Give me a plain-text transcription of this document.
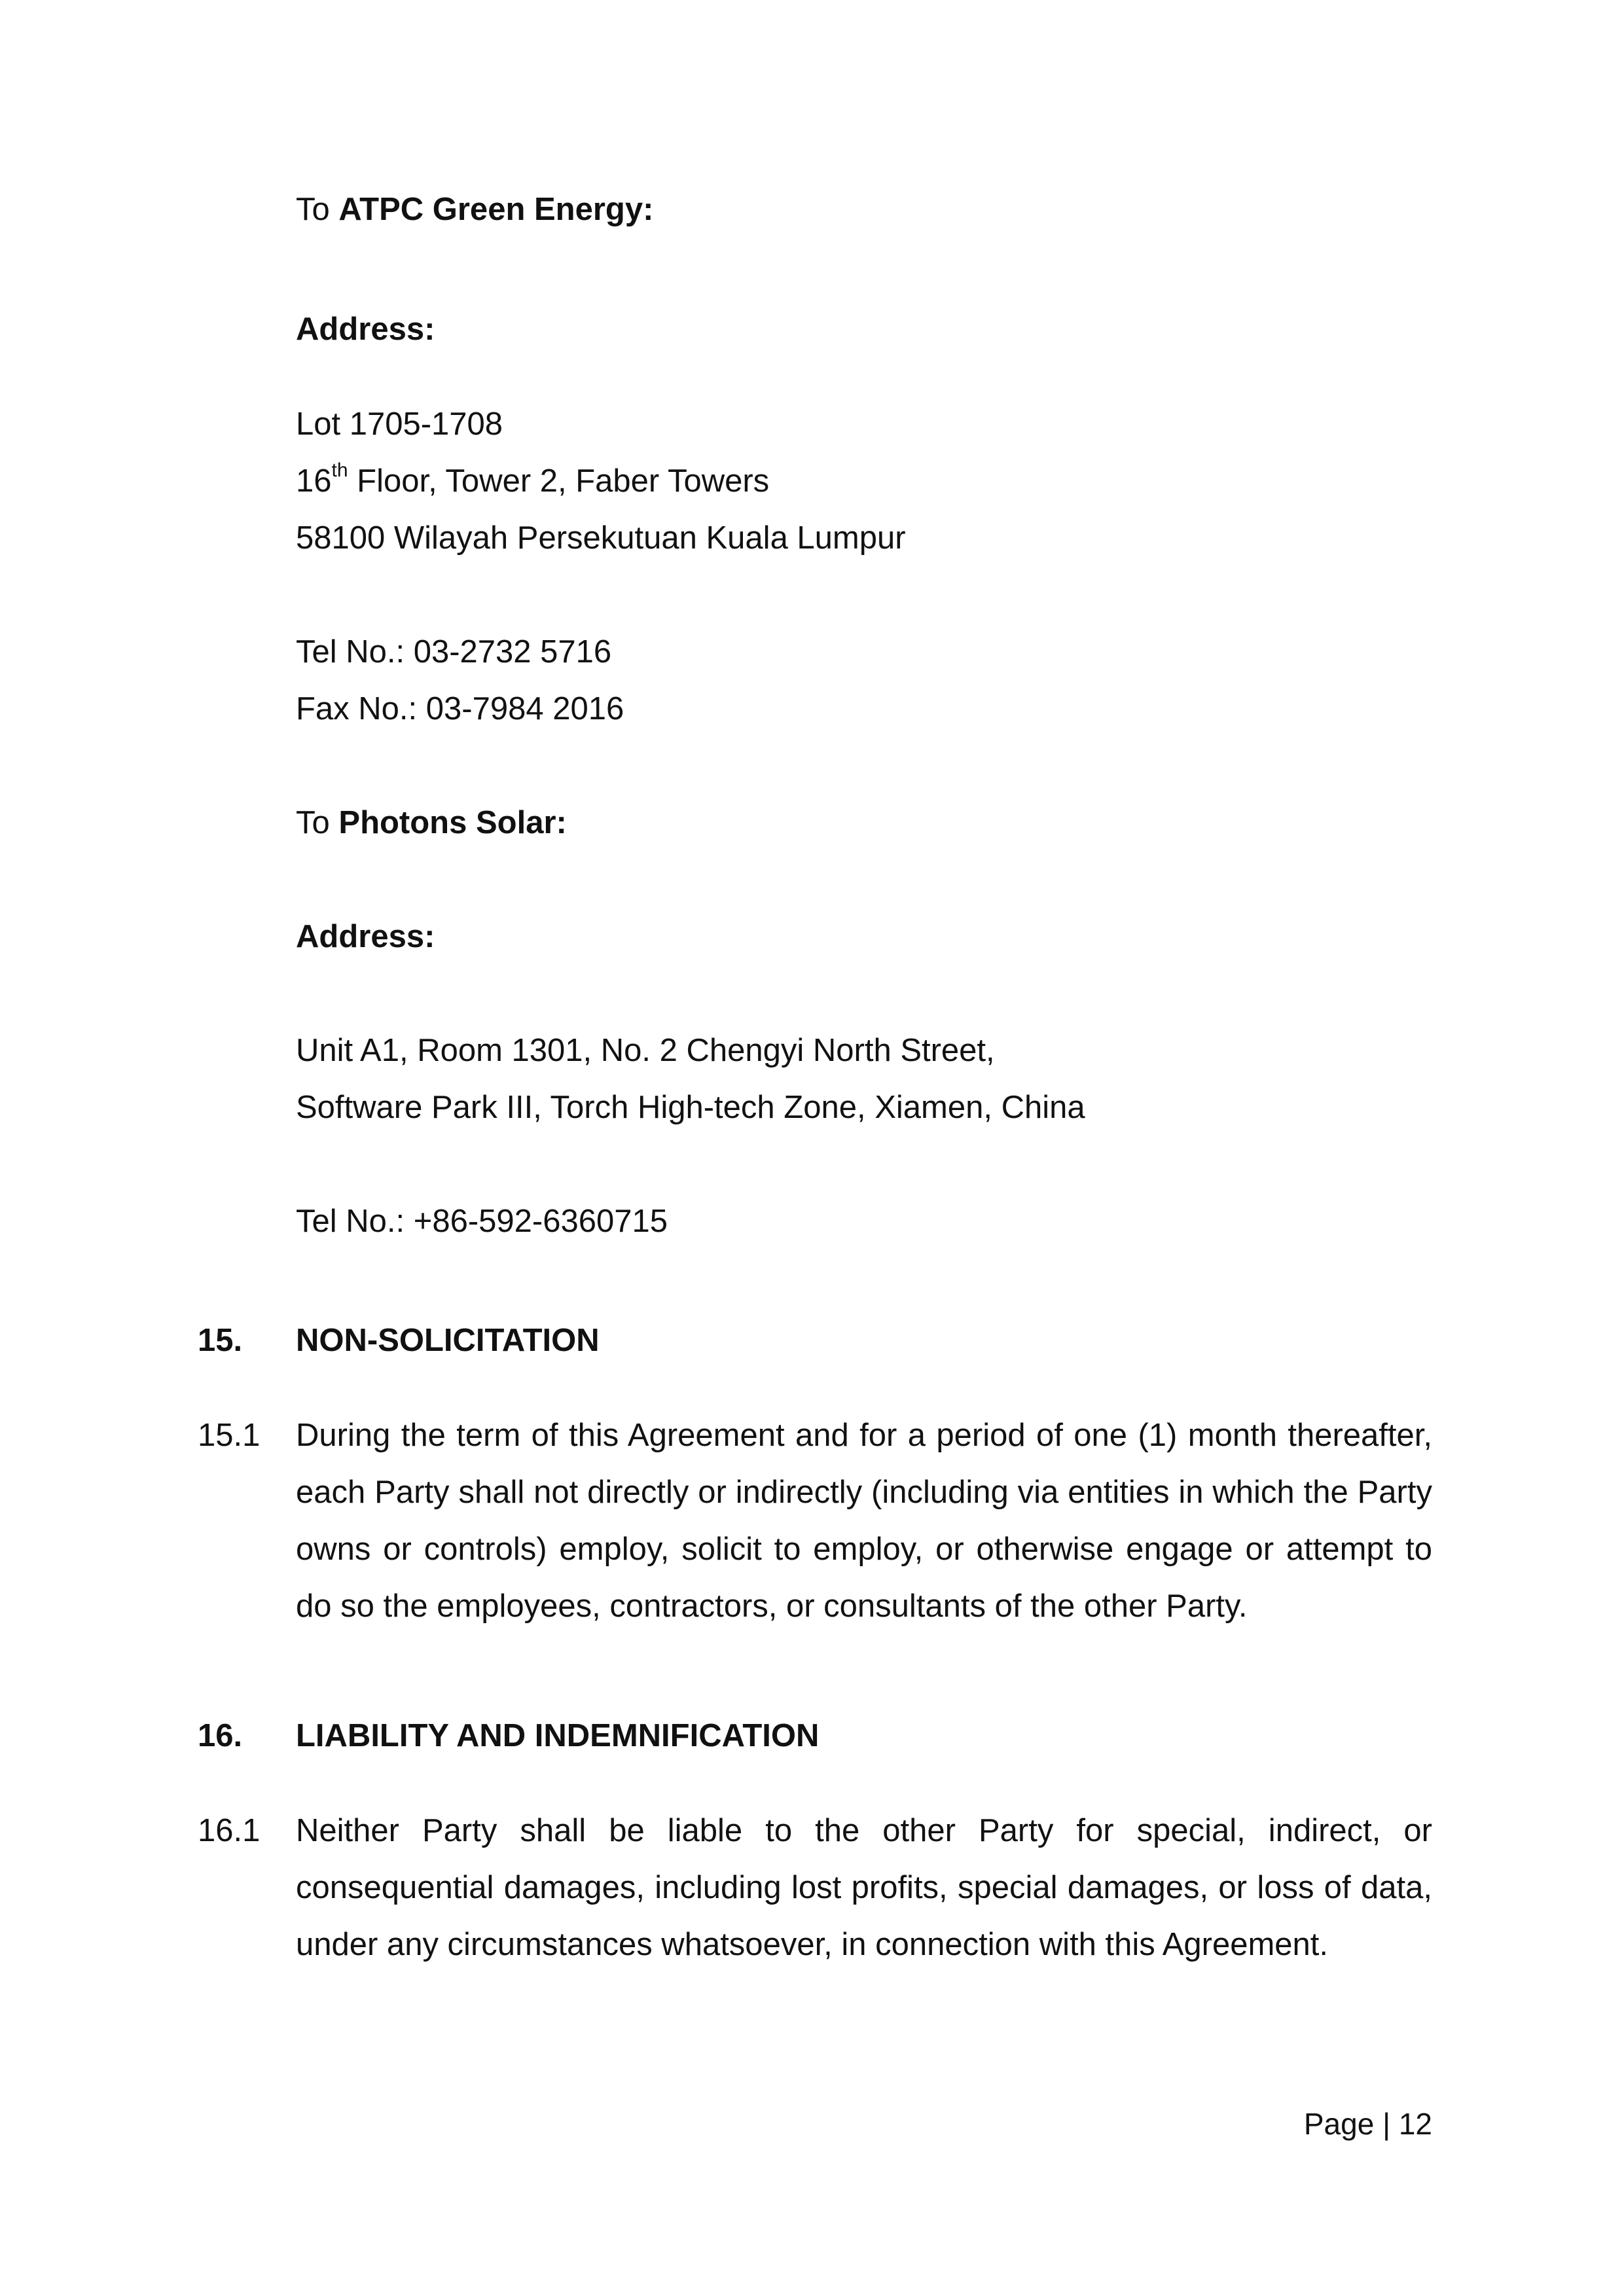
To ATPC Green Energy:
Address:
Lot 1705-1708
16th Floor, Tower 2, Faber Towers
58100 Wilayah Persekutuan Kuala Lumpur
Tel No.: 03-2732 5716
Fax No.: 03-7984 2016
To Photons Solar:
Address:
Unit A1, Room 1301, No. 2 Chengyi North Street,
Software Park III, Torch High-tech Zone, Xiamen, China
Tel No.: +86-592-6360715
15. NON-SOLICITATION
15.1 During the term of this Agreement and for a period of one (1) month thereafter,
each Party shall not directly or indirectly (including via entities in which the Party
owns or controls) employ, solicit to employ, or otherwise engage or attempt to
do so the employees, contractors, or consultants of the other Party.
16. LIABILITY AND INDEMNIFICATION
16.1 Neither Party shall be liable to the other Party for special, indirect, or
consequential damages, including lost profits, special damages, or loss of data,
under any circumstances whatsoever, in connection with this Agreement.
Page | 12
